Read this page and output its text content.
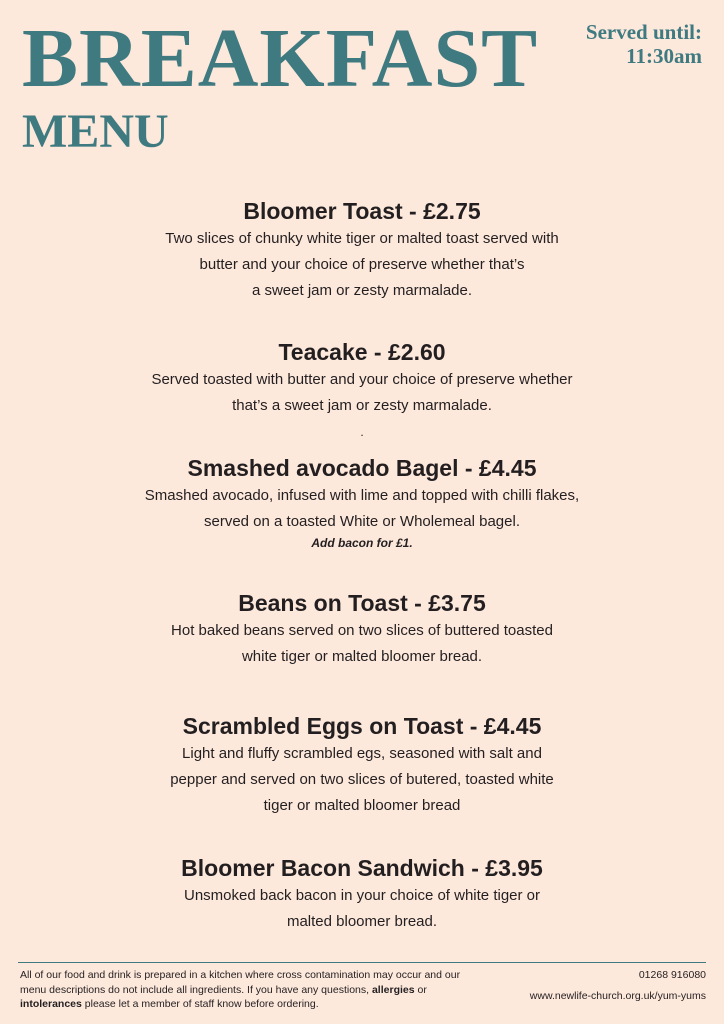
BREAKFAST
MENU
Served until:
11:30am

Bloomer Toast - £2.75

Two slices of chunky white tiger or malted toast served with
butter and your choice of preserve whether that’s
a sweet jam or zesty marmalade.

Teacake - £2.60

Served toasted with butter and your choice of preserve whether
that’s a sweet jam or zesty marmalade.
.

Smashed avocado Bagel - £4.45

Smashed avocado, infused with lime and topped with chilli flakes,
served on a toasted White or Wholemeal bagel.

Add bacon for £1.

Beans on Toast - £3.75

Hot baked beans served on two slices of buttered toasted
white tiger or malted bloomer bread.

Scrambled Eggs on Toast - £4.45

Light and fluffy scrambled egs, seasoned with salt and
pepper and served on two slices of butered, toasted white
tiger or malted bloomer bread

Bloomer Bacon Sandwich - £3.95

Unsmoked back bacon in your choice of white tiger or
malted bloomer bread.

All of our food and drink is prepared in a kitchen where cross contamination may occur and our menu descriptions do not include all ingredients. If you have any questions, allergies or intolerances please let a member of staff know before ordering.
01268 916080
www.newlife-church.org.uk/yum-yums
